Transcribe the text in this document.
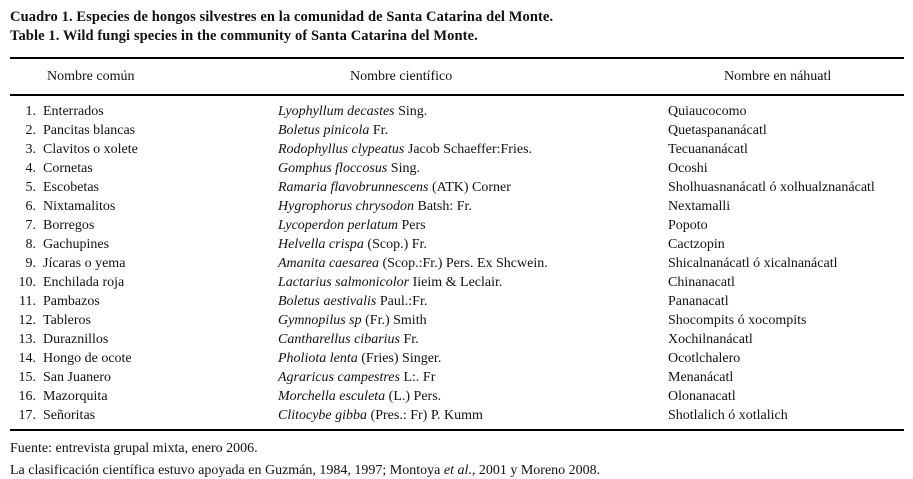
Cuadro 1. Especies de hongos silvestres en la comunidad de Santa Catarina del Monte.
Table 1. Wild fungi species in the community of Santa Catarina del Monte.
Nombre común	Nombre científico	Nombre en náhuatl
1. Enterrados	Lyophyllum decastes Sing.	Quiaucocomo
2. Pancitas blancas	Boletus pinicola Fr.	Quetaspananácatl
3. Clavitos o xolete	Rodophyllus clypeatus Jacob Schaeffer:Fries.	Tecuananácatl
4. Cornetas	Gomphus floccosus Sing.	Ocoshi
5. Escobetas	Ramaria flavobrunnescens (ATK) Corner	Sholhuasnanácatl ó xolhualznanácatl
6. Nixtamalitos	Hygrophorus chrysodon Batsh: Fr.	Nextamalli
7. Borregos	Lycoperdon perlatum Pers	Popoto
8. Gachupines	Helvella crispa (Scop.) Fr.	Cactzopin
9. Jícaras o yema	Amanita caesarea (Scop.:Fr.) Pers. Ex Shcwein.	Shicalnanácatl ó xicalnanácatl
10. Enchilada roja	Lactarius salmonicolor Iieim & Leclair.	Chinanacatl
11. Pambazos	Boletus aestivalis Paul.:Fr.	Pananacatl
12. Tableros	Gymnopilus sp (Fr.) Smith	Shocompits ó xocompits
13. Duraznillos	Cantharellus cibarius Fr.	Xochilnanácatl
14. Hongo de ocote	Pholiota lenta (Fries) Singer.	Ocotlchalero
15. San Juanero	Agraricus campestres L:. Fr	Menanácatl
16. Mazorquita	Morchella esculeta (L.) Pers.	Olonanacatl
17. Señoritas	Clitocybe gibba (Pres.: Fr) P. Kumm	Shotlalich ó xotlalich
Fuente: entrevista grupal mixta, enero 2006.
La clasificación científica estuvo apoyada en Guzmán, 1984, 1997; Montoya et al., 2001 y Moreno 2008.
